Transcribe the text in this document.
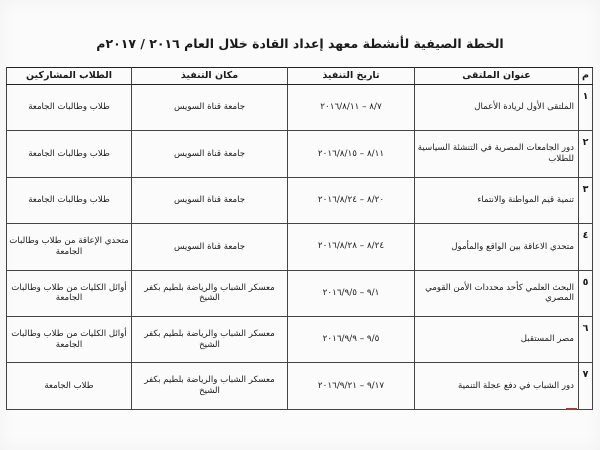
الخطة الصيفية لأنشطة معهد إعداد القادة خلال العام ٢٠١٦ / ٢٠١٧م
م	عنوان الملتقى	تاريخ التنفيذ	مكان التنفيذ	الطلاب المشاركين
١	الملتقى الأول لريادة الأعمال	٨/٧ – ٢٠١٦/٨/١١	جامعة قناة السويس	طلاب وطالبات الجامعة
٢	دور الجامعات المصرية في التنشئة السياسية للطلاب	٨/١١ – ٢٠١٦/٨/١٥	جامعة قناة السويس	طلاب وطالبات الجامعة
٣	تنمية قيم المواطنة والانتماء	٨/٢٠ – ٢٠١٦/٨/٢٤	جامعة قناة السويس	طلاب وطالبات الجامعة
٤	متحدي الاعاقة بين الواقع والمأمول	٨/٢٤ – ٢٠١٦/٨/٢٨	جامعة قناة السويس	متحدي الإعاقة من طلاب وطالبات الجامعة
٥	البحث العلمي كأحد محددات الأمن القومي المصري	٩/١ – ٢٠١٦/٩/٥	معسكر الشباب والرياضة بلطيم بكفر الشيخ	أوائل الكليات من طلاب وطالبات الجامعة
٦	مصر المستقبل	٩/٥ – ٢٠١٦/٩/٩	معسكر الشباب والرياضة بلطيم بكفر الشيخ	أوائل الكليات من طلاب وطالبات الجامعة
٧	دور الشباب في دفع عجلة التنمية	٩/١٧ – ٢٠١٦/٩/٢١	معسكر الشباب والرياضة بلطيم بكفر الشيخ	طلاب الجامعة
